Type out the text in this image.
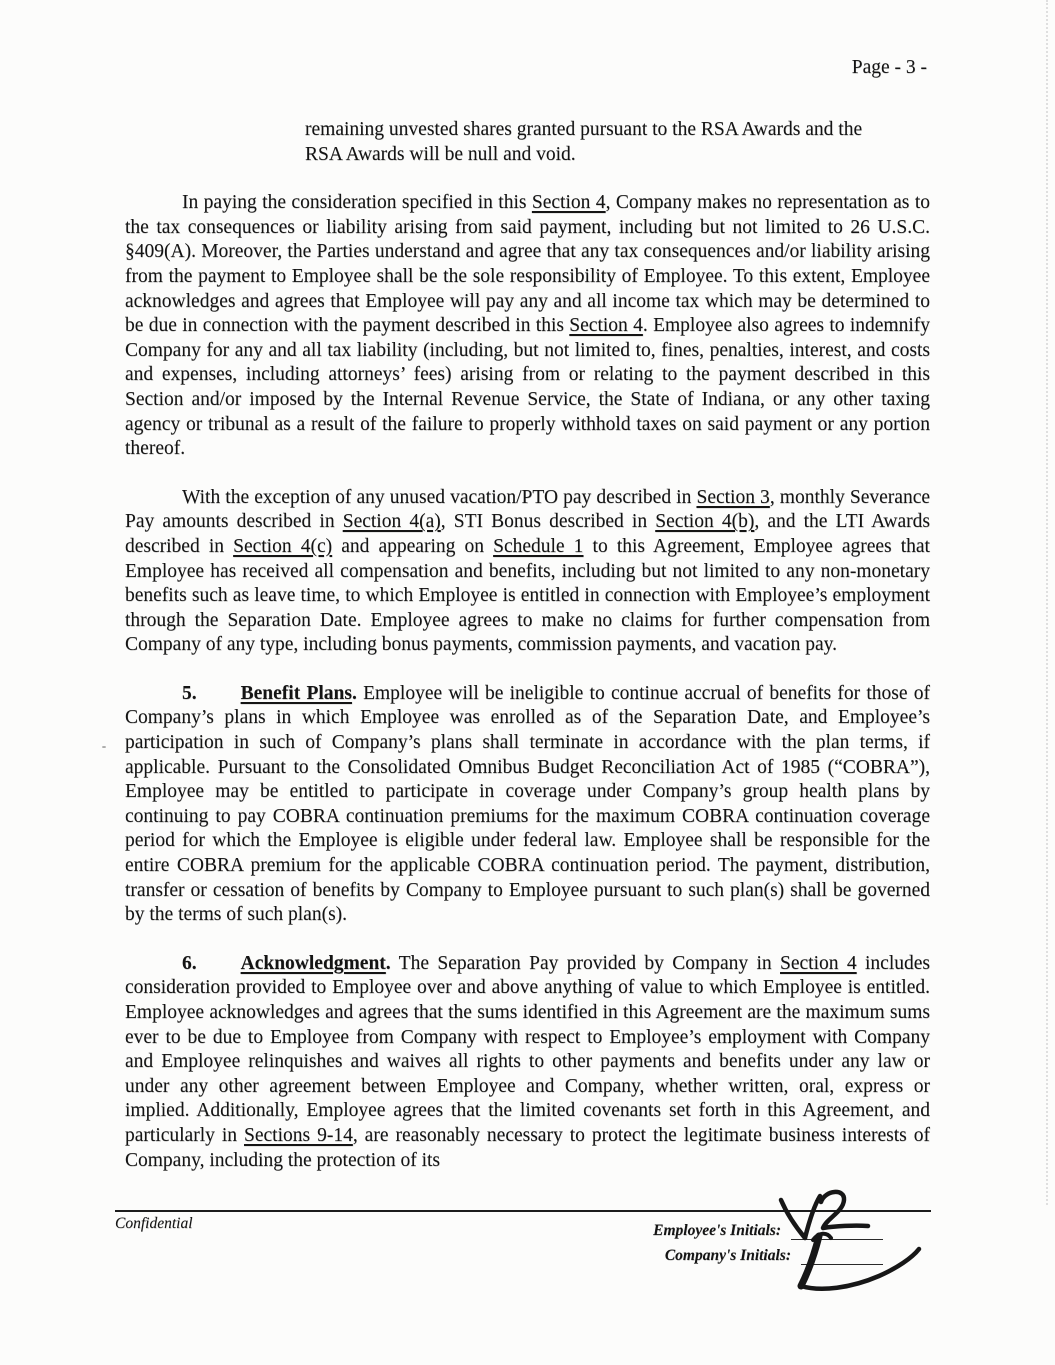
Page - 3 -

remaining unvested shares granted pursuant to the RSA Awards and the RSA Awards will be null and void.

In paying the consideration specified in this Section 4, Company makes no representation as to the tax consequences or liability arising from said payment, including but not limited to 26 U.S.C. §409(A). Moreover, the Parties understand and agree that any tax consequences and/or liability arising from the payment to Employee shall be the sole responsibility of Employee. To this extent, Employee acknowledges and agrees that Employee will pay any and all income tax which may be determined to be due in connection with the payment described in this Section 4. Employee also agrees to indemnify Company for any and all tax liability (including, but not limited to, fines, penalties, interest, and costs and expenses, including attorneys’ fees) arising from or relating to the payment described in this Section and/or imposed by the Internal Revenue Service, the State of Indiana, or any other taxing agency or tribunal as a result of the failure to properly withhold taxes on said payment or any portion thereof.

With the exception of any unused vacation/PTO pay described in Section 3, monthly Severance Pay amounts described in Section 4(a), STI Bonus described in Section 4(b), and the LTI Awards described in Section 4(c) and appearing on Schedule 1 to this Agreement, Employee agrees that Employee has received all compensation and benefits, including but not limited to any non-monetary benefits such as leave time, to which Employee is entitled in connection with Employee’s employment through the Separation Date. Employee agrees to make no claims for further compensation from Company of any type, including bonus payments, commission payments, and vacation pay.

5. Benefit Plans. Employee will be ineligible to continue accrual of benefits for those of Company’s plans in which Employee was enrolled as of the Separation Date, and Employee’s participation in such of Company’s plans shall terminate in accordance with the plan terms, if applicable. Pursuant to the Consolidated Omnibus Budget Reconciliation Act of 1985 (“COBRA”), Employee may be entitled to participate in coverage under Company’s group health plans by continuing to pay COBRA continuation premiums for the maximum COBRA continuation coverage period for which the Employee is eligible under federal law. Employee shall be responsible for the entire COBRA premium for the applicable COBRA continuation period. The payment, distribution, transfer or cessation of benefits by Company to Employee pursuant to such plan(s) shall be governed by the terms of such plan(s).

6. Acknowledgment. The Separation Pay provided by Company in Section 4 includes consideration provided to Employee over and above anything of value to which Employee is entitled. Employee acknowledges and agrees that the sums identified in this Agreement are the maximum sums ever to be due to Employee from Company with respect to Employee’s employment with Company and Employee relinquishes and waives all rights to other payments and benefits under any law or under any other agreement between Employee and Company, whether written, oral, express or implied. Additionally, Employee agrees that the limited covenants set forth in this Agreement, and particularly in Sections 9-14, are reasonably necessary to protect the legitimate business interests of Company, including the protection of its

Confidential	Employee's Initials:
Company's Initials:
